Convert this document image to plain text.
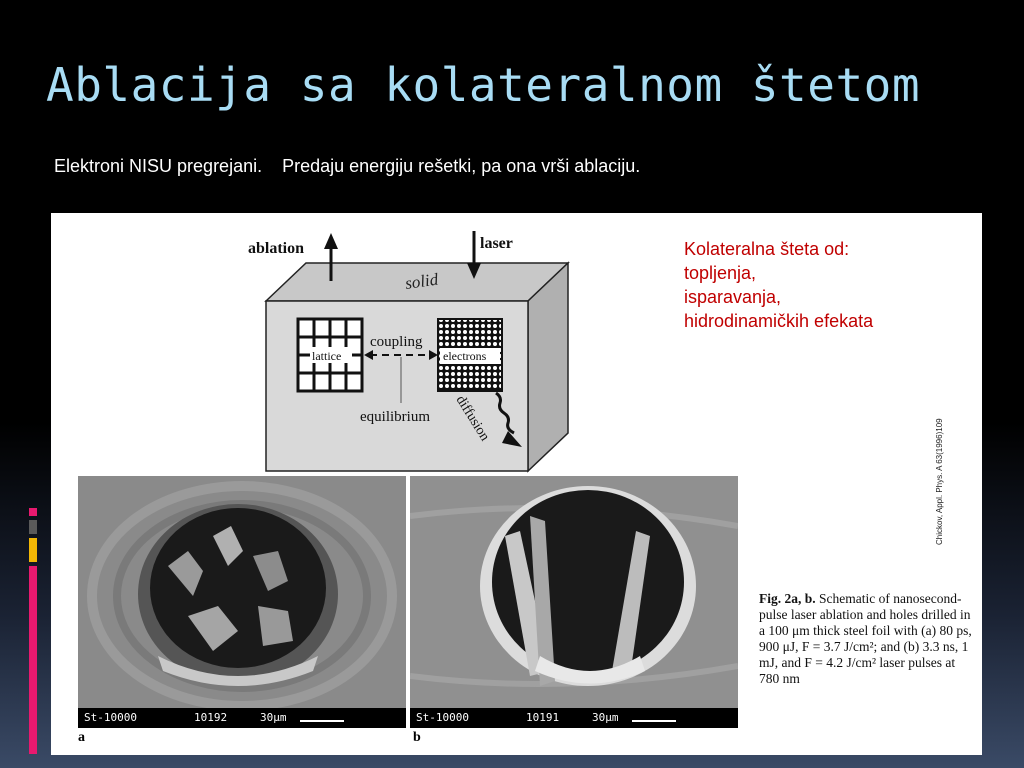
Ablacija sa kolateralnom štetom
Elektroni NISU pregrejani.    Predaju energiju rešetki, pa ona vrši ablaciju.
solid
ablation	laser
lattice	electrons
coupling
equilibrium diffusion
Kolateralna šteta od:
topljenja,
isparavanja,
hidrodinamičkih efekata
Chickov, Appl. Phys. A 63(1996)109
St-10000	10192	30μm
a
St-10000	10191	30μm
b
Fig. 2a, b. Schematic of nanosecond-pulse laser ablation and holes drilled in a 100 μm thick steel foil with (a) 80 ps, 900 μJ, F = 3.7 J/cm²; and (b) 3.3 ns, 1 mJ, and F = 4.2 J/cm² laser pulses at 780 nm
